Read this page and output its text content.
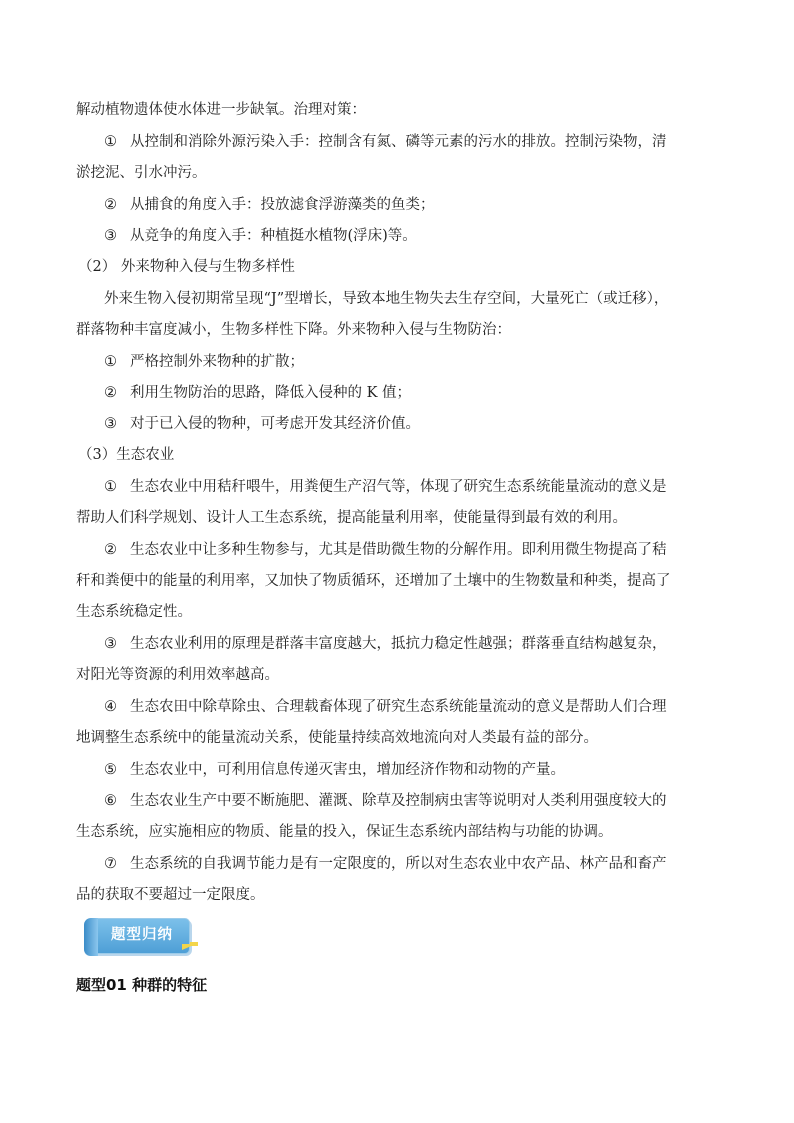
解动植物遗体使水体进一步缺氧。治理对策：
① 从控制和消除外源污染入手：控制含有氮、磷等元素的污水的排放。控制污染物，清
淤挖泥、引水冲污。
② 从捕食的角度入手：投放滤食浮游藻类的鱼类；
③ 从竞争的角度入手：种植挺水植物(浮床)等。
（2） 外来物种入侵与生物多样性
外来生物入侵初期常呈现“J”型增长，导致本地生物失去生存空间，大量死亡（或迁移），
群落物种丰富度减小，生物多样性下降。外来物种入侵与生物防治：
① 严格控制外来物种的扩散；
② 利用生物防治的思路，降低入侵种的 K 值；
③ 对于已入侵的物种，可考虑开发其经济价值。
（3）生态农业
① 生态农业中用秸秆喂牛，用粪便生产沼气等，体现了研究生态系统能量流动的意义是
帮助人们科学规划、设计人工生态系统，提高能量利用率，使能量得到最有效的利用。
② 生态农业中让多种生物参与，尤其是借助微生物的分解作用。即利用微生物提高了秸
秆和粪便中的能量的利用率，又加快了物质循环，还增加了土壤中的生物数量和种类，提高了
生态系统稳定性。
③ 生态农业利用的原理是群落丰富度越大，抵抗力稳定性越强；群落垂直结构越复杂，
对阳光等资源的利用效率越高。
④ 生态农田中除草除虫、合理载畜体现了研究生态系统能量流动的意义是帮助人们合理
地调整生态系统中的能量流动关系，使能量持续高效地流向对人类最有益的部分。
⑤ 生态农业中，可利用信息传递灭害虫，增加经济作物和动物的产量。
⑥ 生态农业生产中要不断施肥、灌溉、除草及控制病虫害等说明对人类利用强度较大的
生态系统，应实施相应的物质、能量的投入，保证生态系统内部结构与功能的协调。
⑦ 生态系统的自我调节能力是有一定限度的，所以对生态农业中农产品、林产品和畜产
品的获取不要超过一定限度。
题型归纳
题型01 种群的特征
